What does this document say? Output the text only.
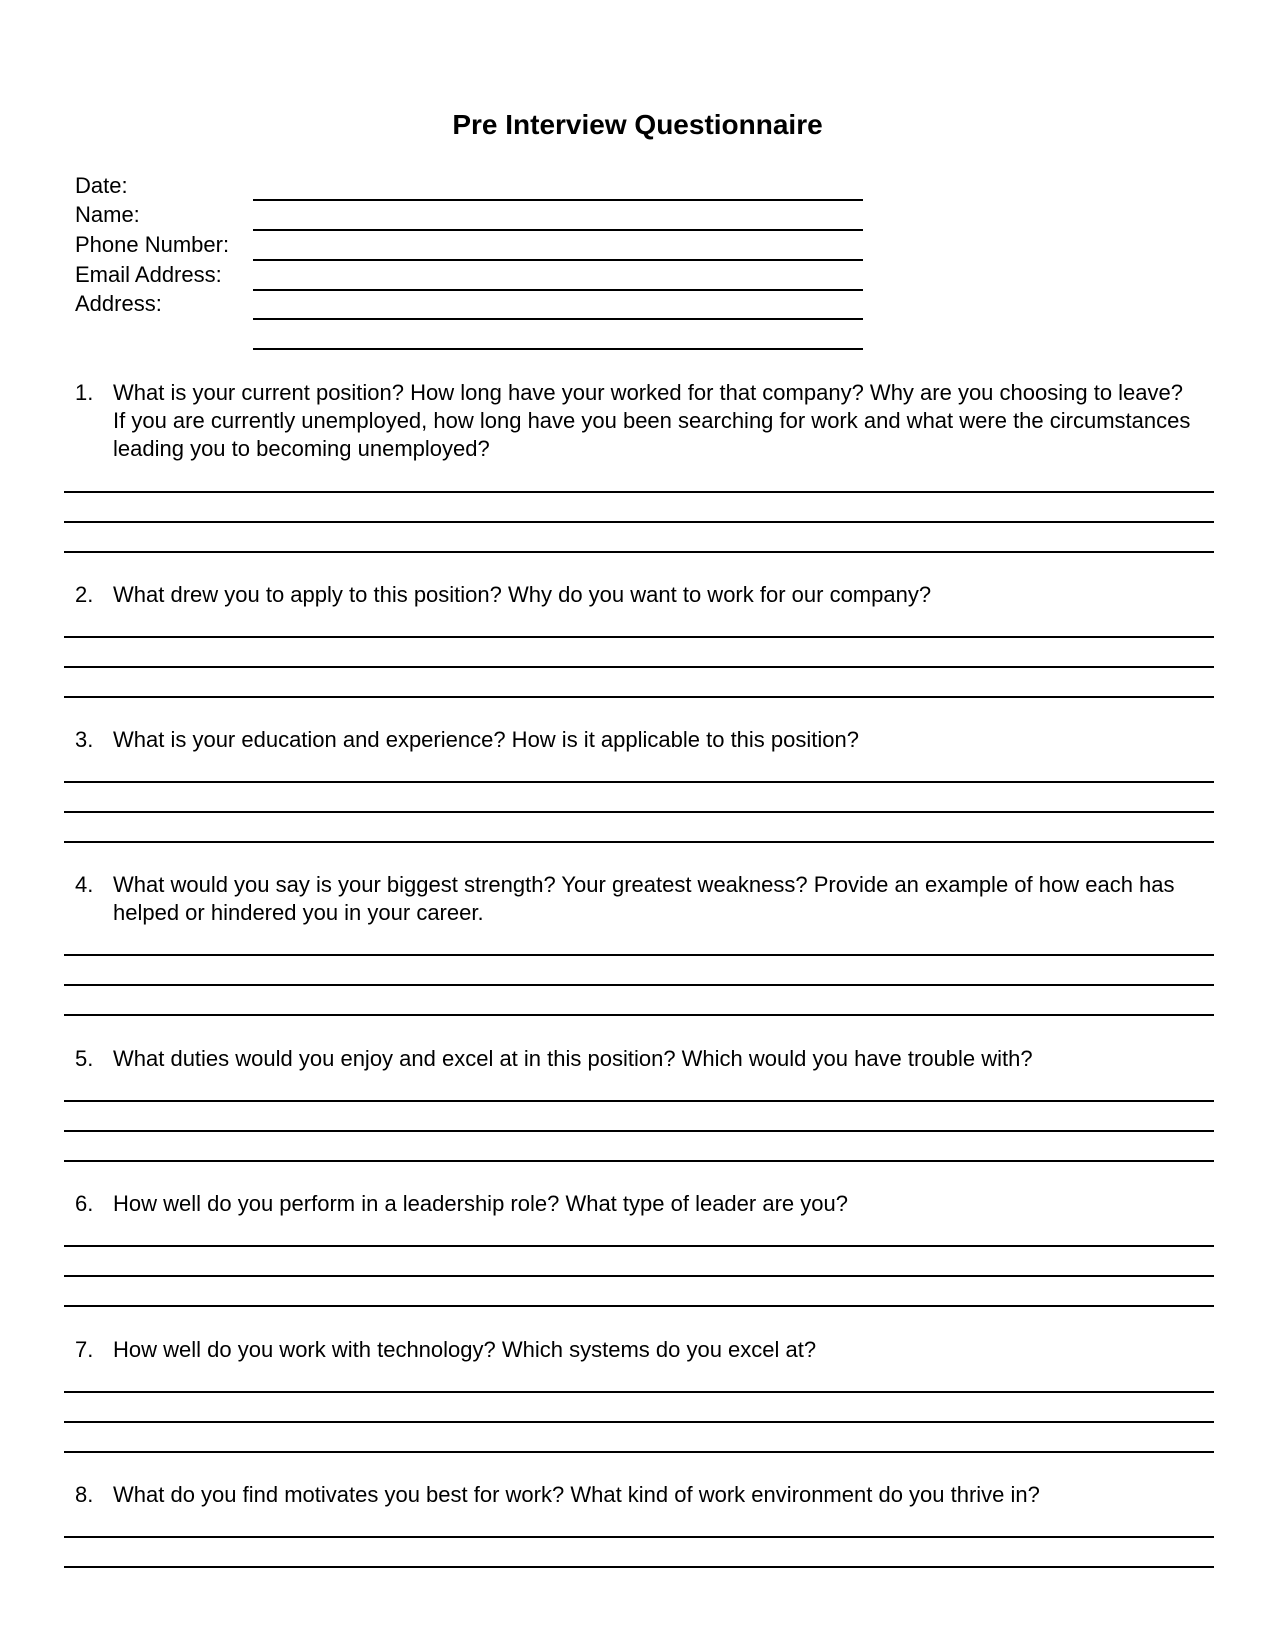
Pre Interview Questionnaire
Date:
Name:
Phone Number:
Email Address:
Address:
1. What is your current position? How long have your worked for that company? Why are you choosing to leave? If you are currently unemployed, how long have you been searching for work and what were the circumstances leading you to becoming unemployed?
2. What drew you to apply to this position? Why do you want to work for our company?
3. What is your education and experience? How is it applicable to this position?
4. What would you say is your biggest strength? Your greatest weakness? Provide an example of how each has helped or hindered you in your career.
5. What duties would you enjoy and excel at in this position? Which would you have trouble with?
6. How well do you perform in a leadership role? What type of leader are you?
7. How well do you work with technology? Which systems do you excel at?
8. What do you find motivates you best for work? What kind of work environment do you thrive in?
